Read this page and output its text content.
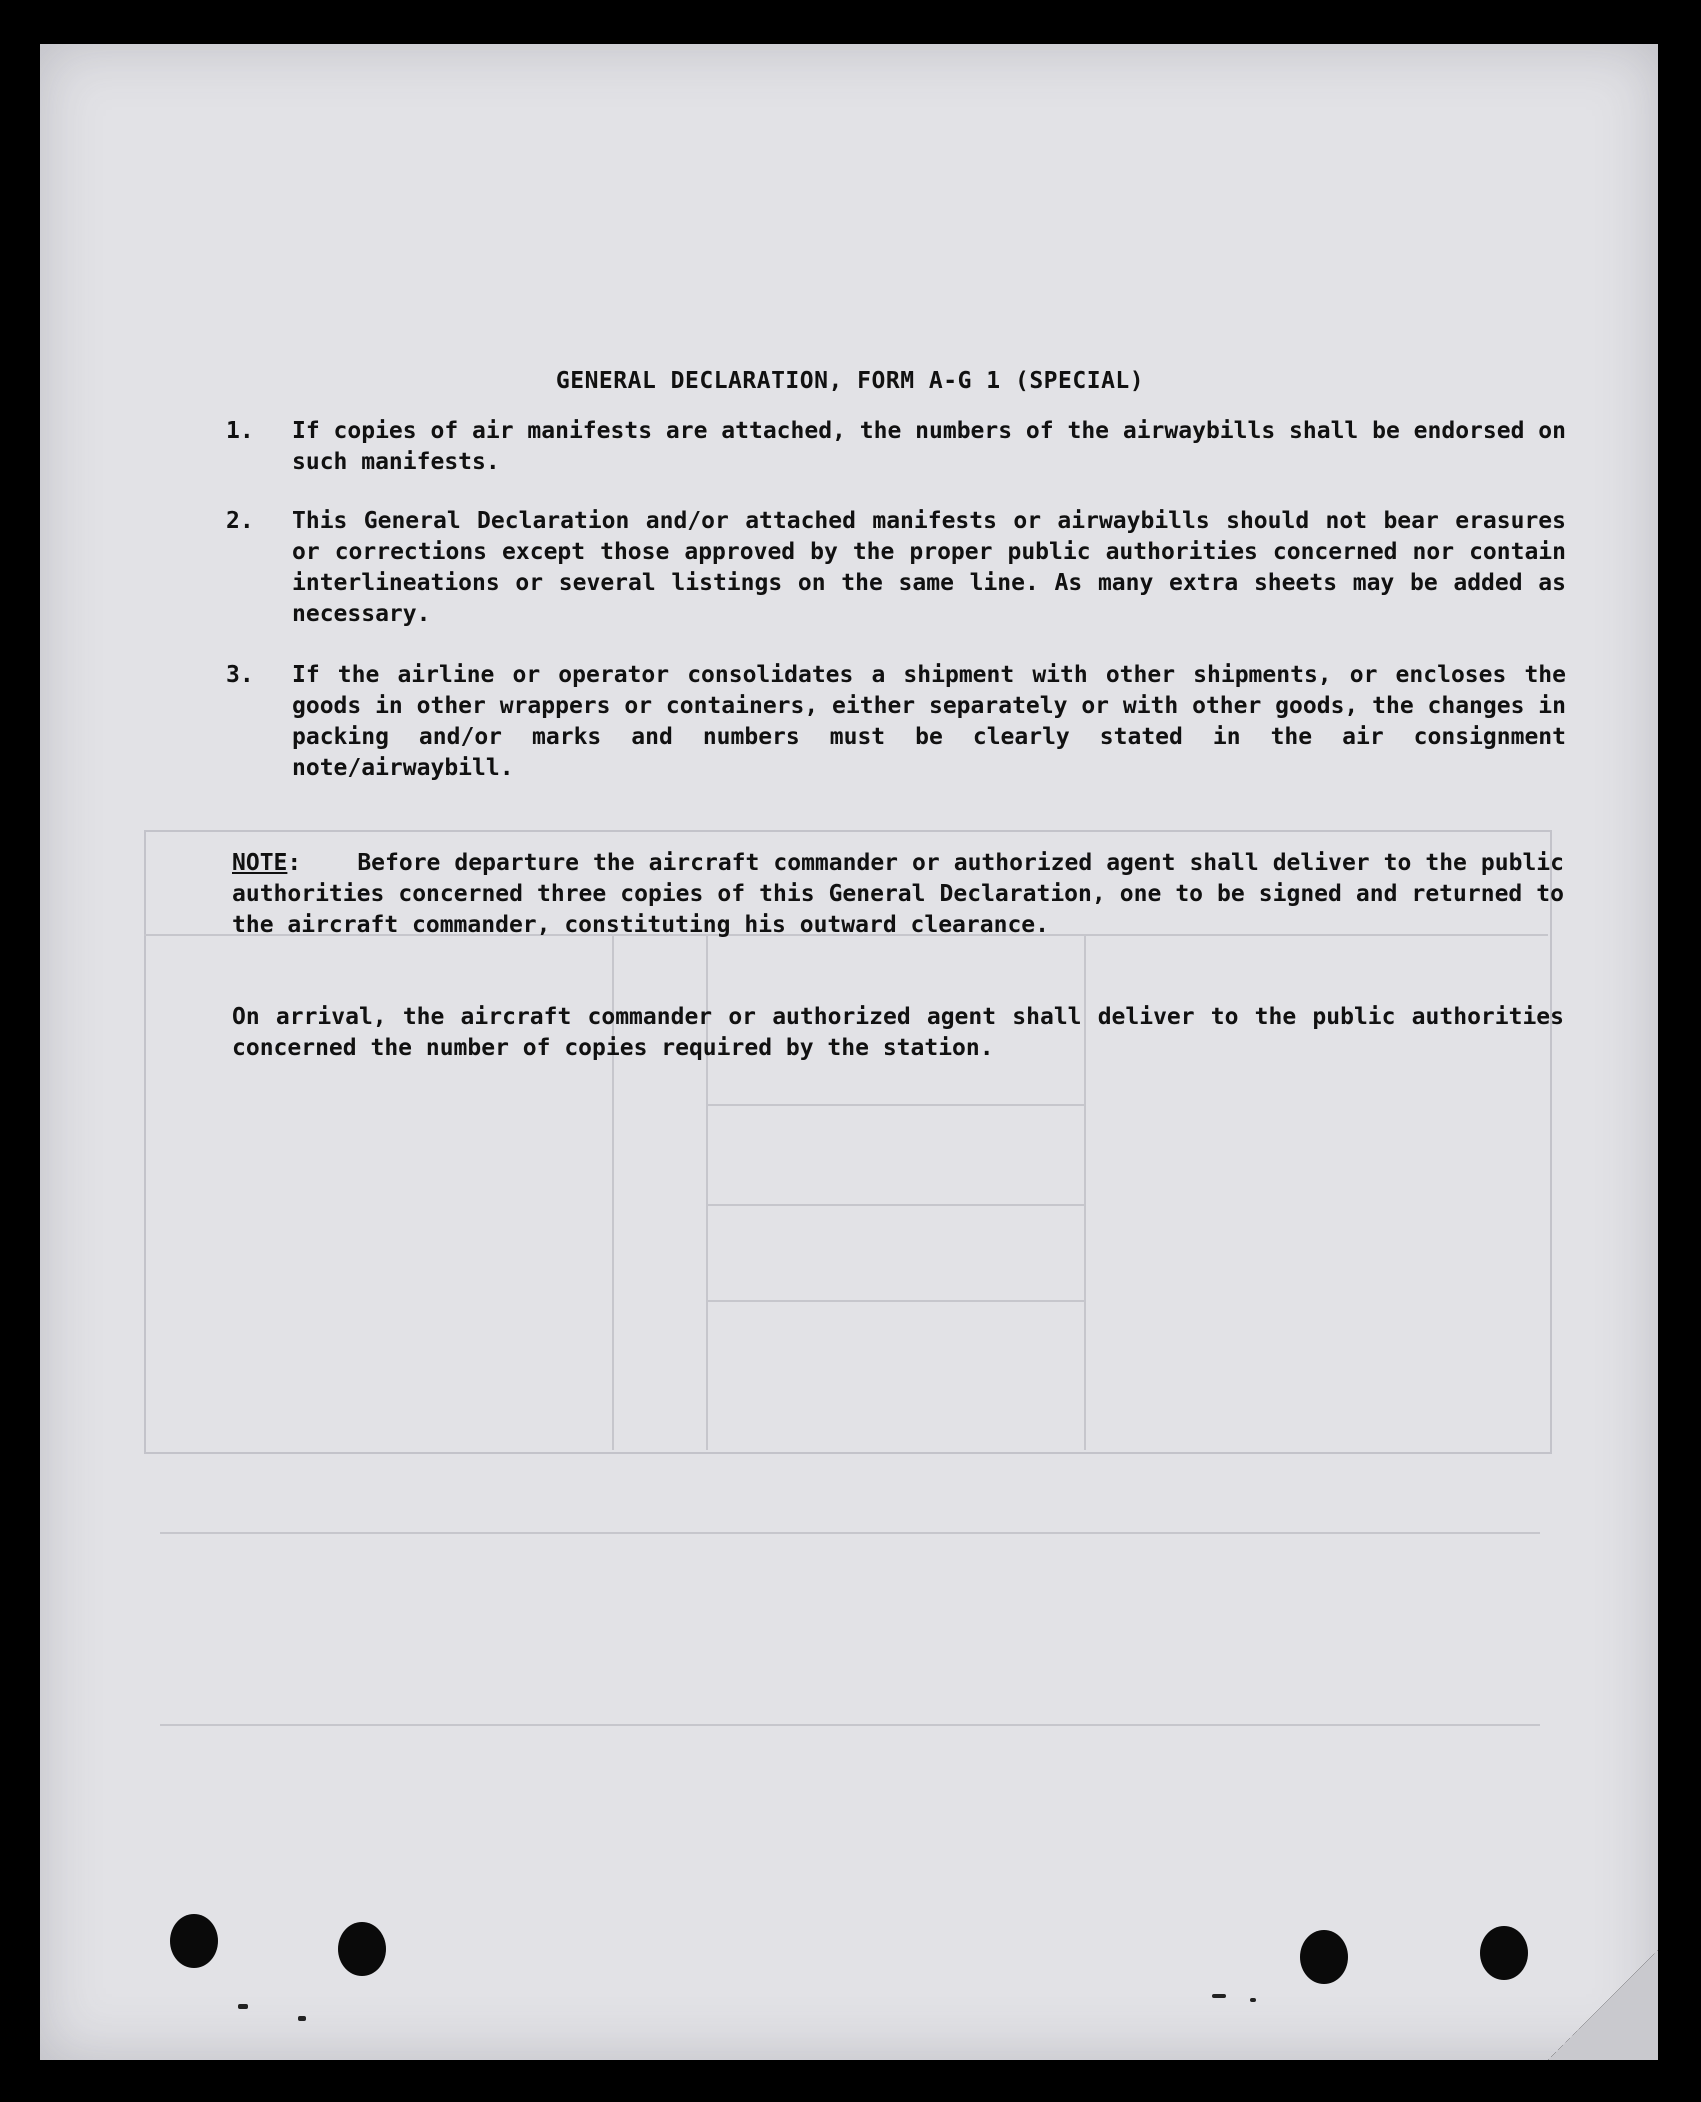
GENERAL DECLARATION, FORM A-G 1 (SPECIAL)
1. If copies of air manifests are attached, the numbers of the airwaybills shall be endorsed on such manifests.
2. This General Declaration and/or attached manifests or airwaybills should not bear erasures or corrections except those approved by the proper public authorities concerned nor contain interlineations or several listings on the same line. As many extra sheets may be added as necessary.
3. If the airline or operator consolidates a shipment with other shipments, or encloses the goods in other wrappers or containers, either separately or with other goods, the changes in packing and/or marks and numbers must be clearly stated in the air consignment note/airwaybill.
NOTE: Before departure the aircraft commander or authorized agent shall deliver to the public authorities concerned three copies of this General Declaration, one to be signed and returned to the aircraft commander, constituting his outward clearance.
On arrival, the aircraft commander or authorized agent shall deliver to the public authorities concerned the number of copies required by the station.
